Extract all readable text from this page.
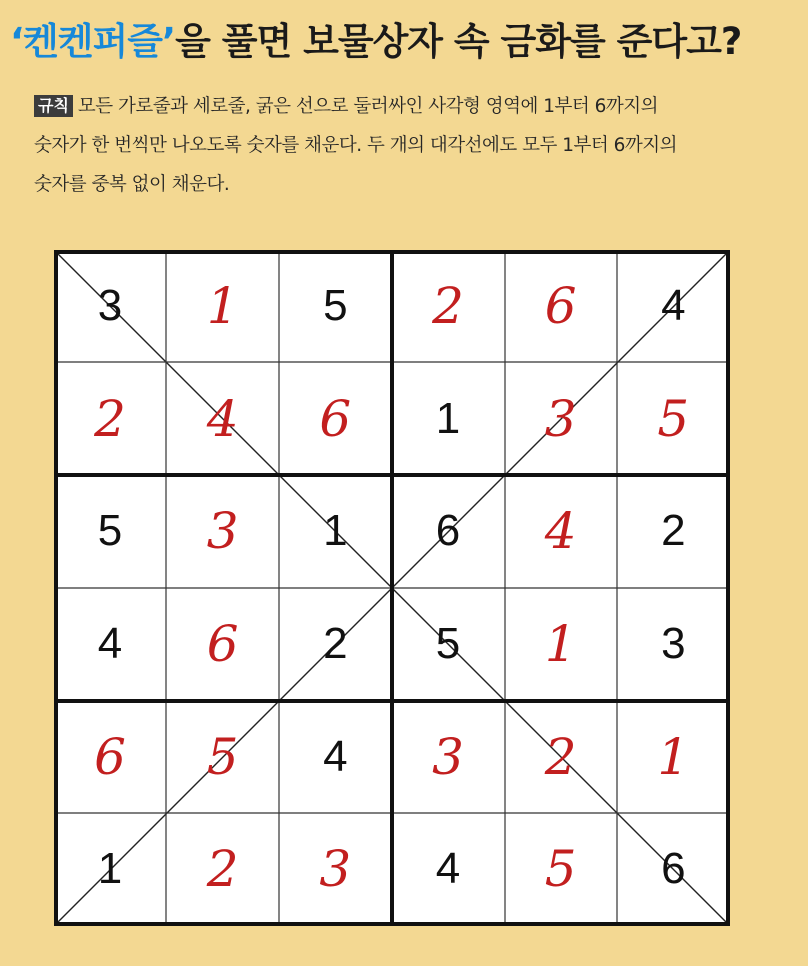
‘켄켄퍼즐’을 풀면 보물상자 속 금화를 준다고?
규칙 모든 가로줄과 세로줄, 굵은 선으로 둘러싸인 사각형 영역에 1부터 6까지의
숫자가 한 번씩만 나오도록 숫자를 채운다. 두 개의 대각선에도 모두 1부터 6까지의
숫자를 중복 없이 채운다.
3	1	5	2	6	4
2	4	6	1	3	5
5	3	1	6	4	2
4	6	2	5	1	3
6	5	4	3	2	1
1	2	3	4	5	6
